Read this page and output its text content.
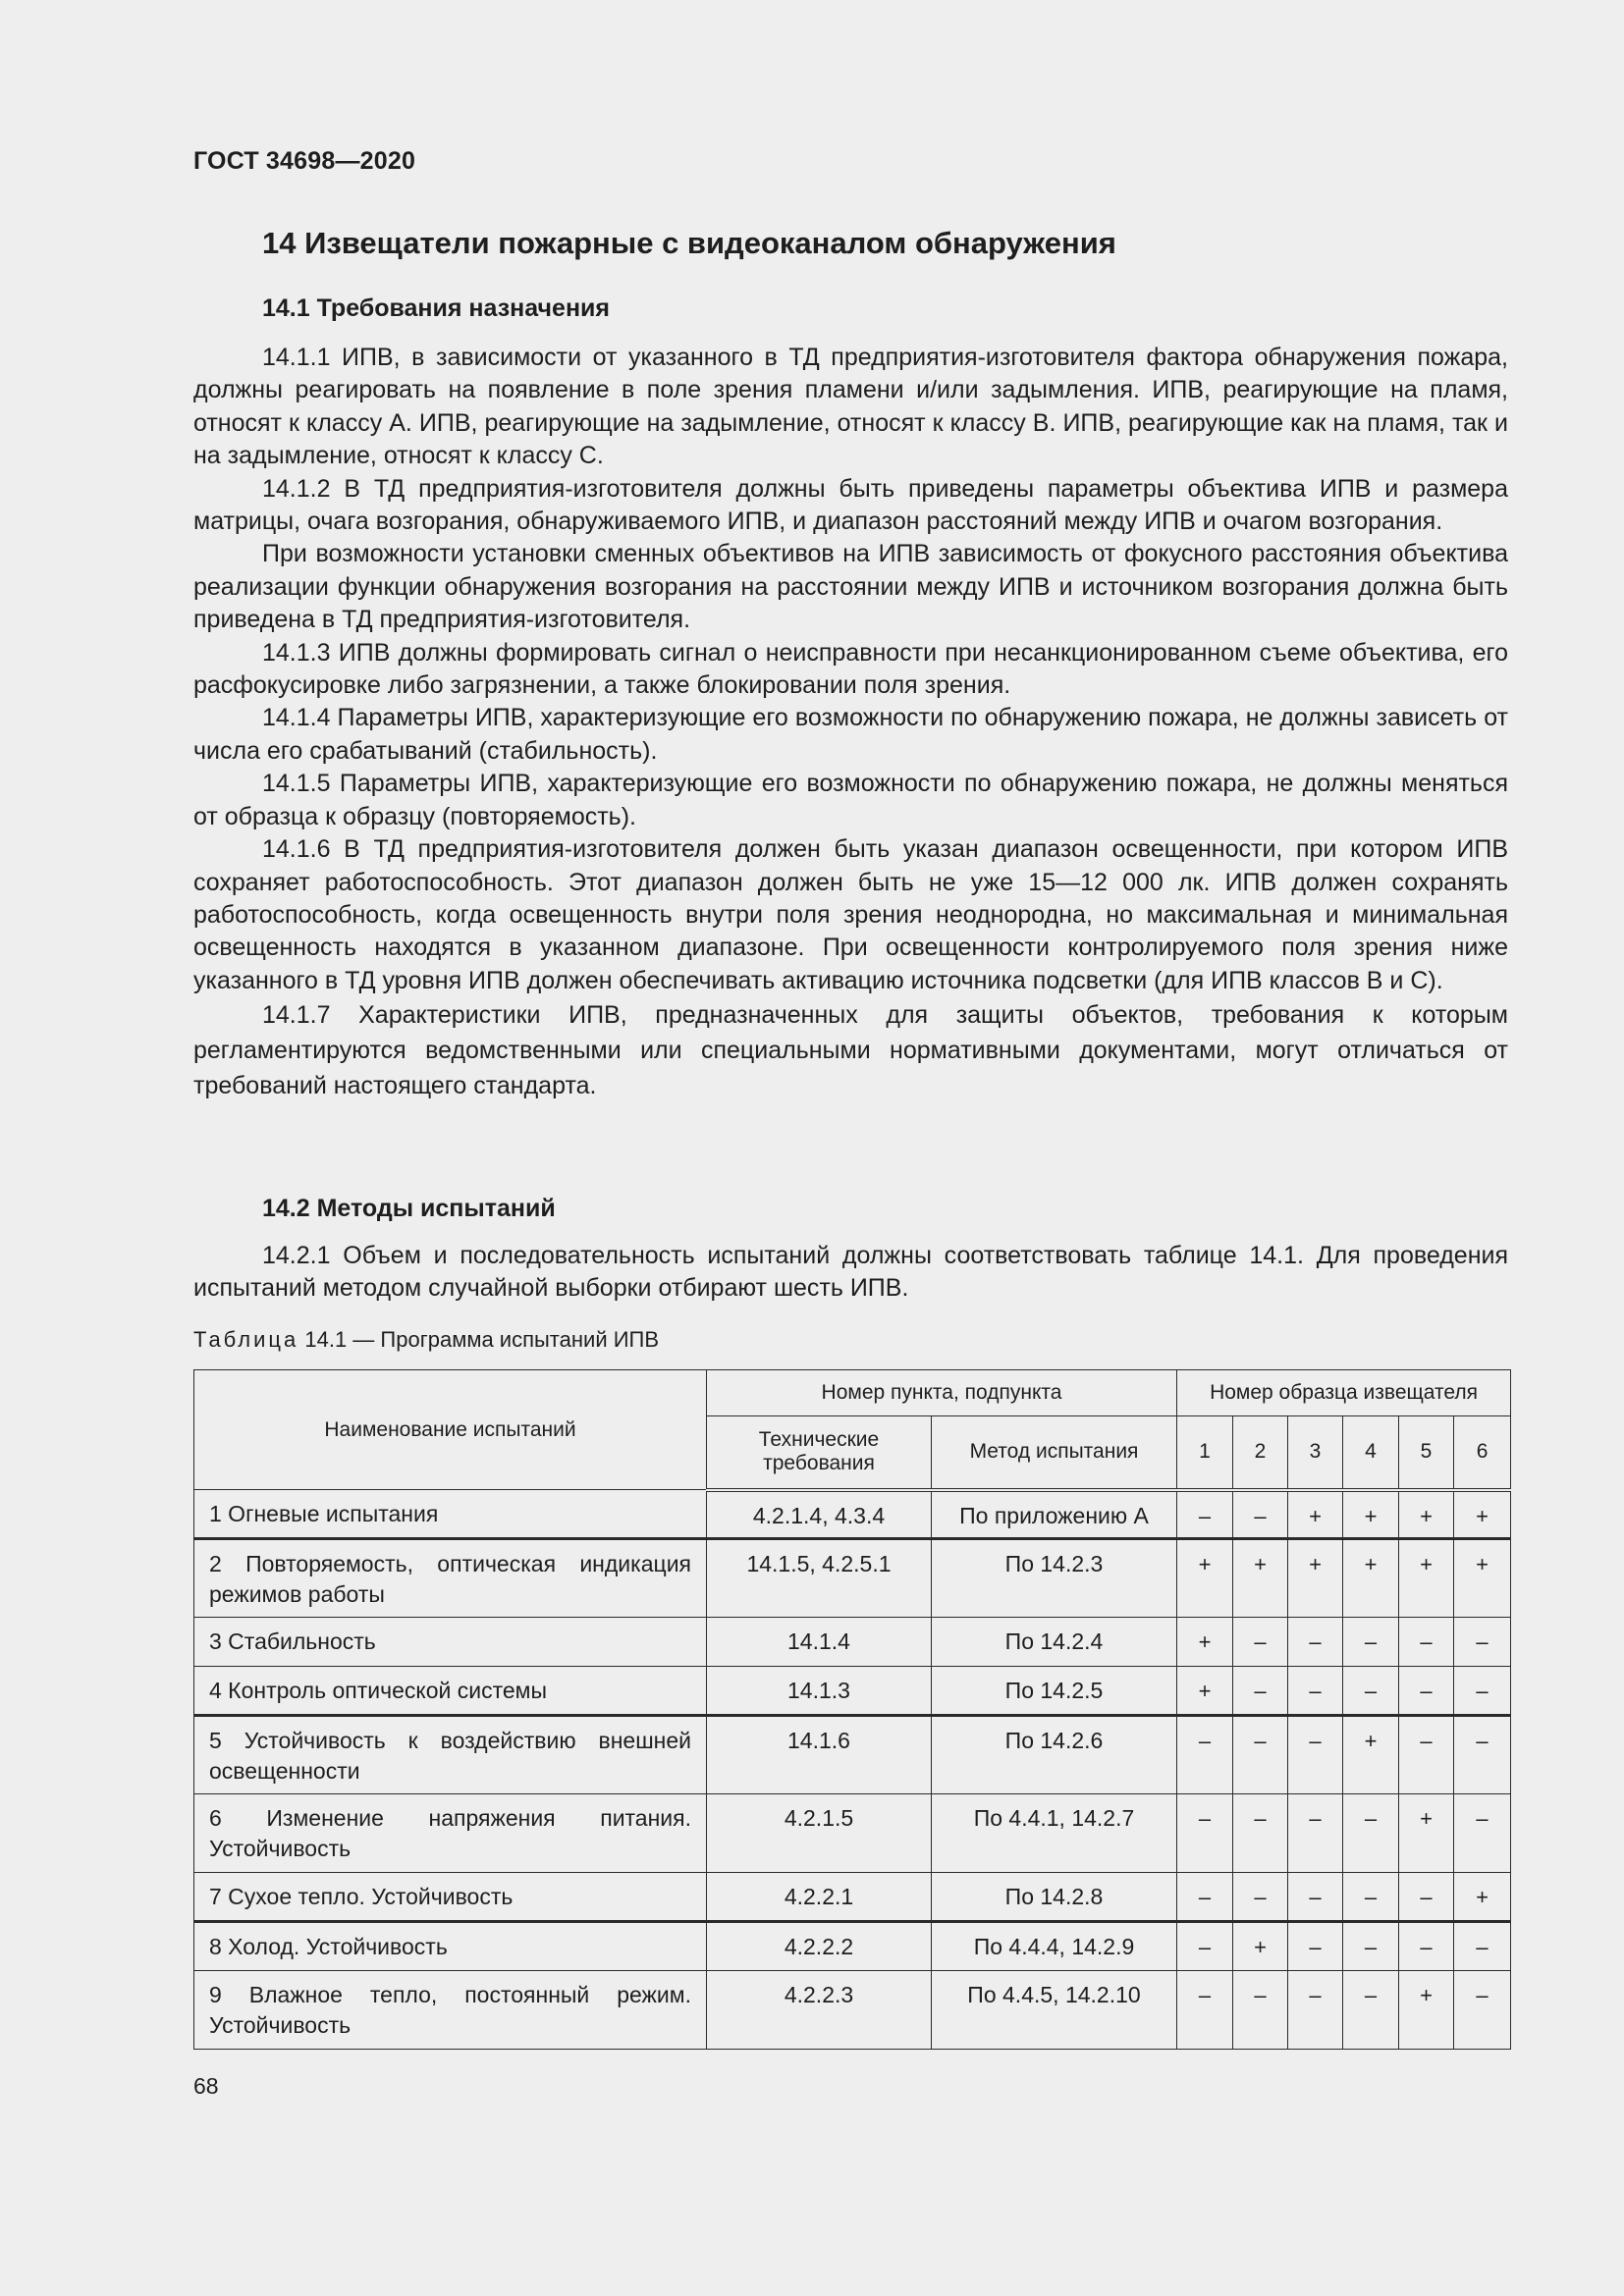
ГОСТ 34698—2020
14 Извещатели пожарные с видеоканалом обнаружения
14.1 Требования назначения

14.1.1 ИПВ, в зависимости от указанного в ТД предприятия-изготовителя фактора обнаружения пожара, должны реагировать на появление в поле зрения пламени и/или задымления. ИПВ, реагирующие на пламя, относят к классу А. ИПВ, реагирующие на задымление, относят к классу В. ИПВ, реагирующие как на пламя, так и на задымление, относят к классу С.

14.1.2 В ТД предприятия-изготовителя должны быть приведены параметры объектива ИПВ и размера матрицы, очага возгорания, обнаруживаемого ИПВ, и диапазон расстояний между ИПВ и очагом возгорания.

При возможности установки сменных объективов на ИПВ зависимость от фокусного расстояния объектива реализации функции обнаружения возгорания на расстоянии между ИПВ и источником возгорания должна быть приведена в ТД предприятия-изготовителя.

14.1.3 ИПВ должны формировать сигнал о неисправности при несанкционированном съеме объектива, его расфокусировке либо загрязнении, а также блокировании поля зрения.

14.1.4 Параметры ИПВ, характеризующие его возможности по обнаружению пожара, не должны зависеть от числа его срабатываний (стабильность).

14.1.5 Параметры ИПВ, характеризующие его возможности по обнаружению пожара, не должны меняться от образца к образцу (повторяемость).

14.1.6 В ТД предприятия-изготовителя должен быть указан диапазон освещенности, при котором ИПВ сохраняет работоспособность. Этот диапазон должен быть не уже 15—12 000 лк. ИПВ должен сохранять работоспособность, когда освещенность внутри поля зрения неоднородна, но максимальная и минимальная освещенность находятся в указанном диапазоне. При освещенности контролируемого поля зрения ниже указанного в ТД уровня ИПВ должен обеспечивать активацию источника подсветки (для ИПВ классов В и С).

14.1.7 Характеристики ИПВ, предназначенных для защиты объектов, требования к которым регламентируются ведомственными или специальными нормативными документами, могут отличаться от требований настоящего стандарта.

14.2 Методы испытаний

14.2.1 Объем и последовательность испытаний должны соответствовать таблице 14.1. Для проведения испытаний методом случайной выборки отбирают шесть ИПВ.

Таблица 14.1 — Программа испытаний ИПВ
Наименование испытаний	Номер пункта, подпункта		Номер образца извещателя					
	Технические требования	Метод испытания	1	2	3	4	5	6
1 Огневые испытания	4.2.1.4, 4.3.4	По приложению А	–	–	+	+	+	+
2 Повторяемость, оптическая индикация режимов работы	14.1.5, 4.2.5.1	По 14.2.3	+	+	+	+	+	+
3 Стабильность	14.1.4	По 14.2.4	+	–	–	–	–	–
4 Контроль оптической системы	14.1.3	По 14.2.5	+	–	–	–	–	–
5 Устойчивость к воздействию внешней освещенности	14.1.6	По 14.2.6	–	–	–	+	–	–
6 Изменение напряжения питания. Устойчивость	4.2.1.5	По 4.4.1, 14.2.7	–	–	–	–	+	–
7 Сухое тепло. Устойчивость	4.2.2.1	По 14.2.8	–	–	–	–	–	+
8 Холод. Устойчивость	4.2.2.2	По 4.4.4, 14.2.9	–	+	–	–	–	–
9 Влажное тепло, постоянный режим. Устойчивость	4.2.2.3	По 4.4.5, 14.2.10	–	–	–	–	+	–
68
